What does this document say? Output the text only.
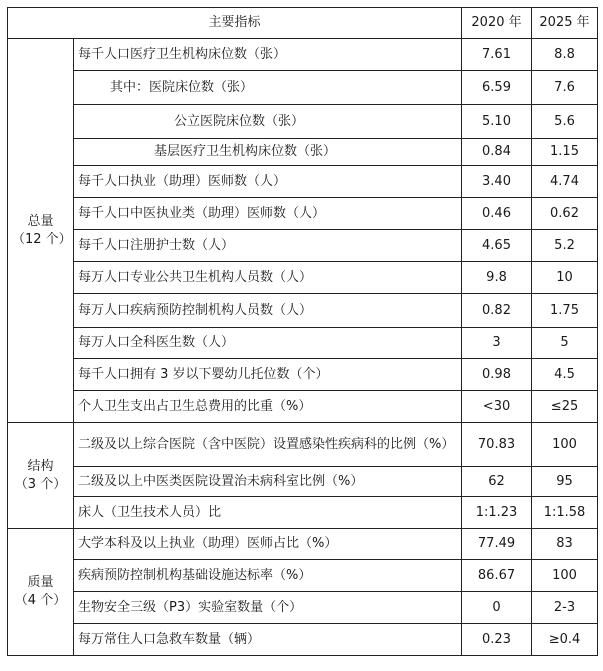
主要指标		2020 年	2025 年

总量
（12 个）	每千人口医疗卫生机构床位数（张）	7.61	8.8
	其中：医院床位数（张）	6.59	7.6
	公立医院床位数（张）	5.10	5.6
	基层医疗卫生机构床位数（张）	0.84	1.15
	每千人口执业（助理）医师数（人）	3.40	4.74
	每千人口中医执业类（助理）医师数（人）	0.46	0.62
	每千人口注册护士数（人）	4.65	5.2
	每万人口专业公共卫生机构人员数（人）	9.8	10
	每万人口疾病预防控制机构人员数（人）	0.82	1.75
	每万人口全科医生数（人）	3	5
	每千人口拥有 3 岁以下婴幼儿托位数（个）	0.98	4.5
	个人卫生支出占卫生总费用的比重（%）	<30	≤25

结构
（3 个）	二级及以上综合医院（含中医院）设置感染性疾病科的比例（%）	70.83	100
	二级及以上中医类医院设置治未病科室比例（%）	62	95
	床人（卫生技术人员）比	1:1.23	1:1.58

质量
（4 个）	大学本科及以上执业（助理）医师占比（%）	77.49	83
	疾病预防控制机构基础设施达标率（%）	86.67	100
	生物安全三级（P3）实验室数量（个）	0	2-3
	每万常住人口急救车数量（辆）	0.23	≥0.4
